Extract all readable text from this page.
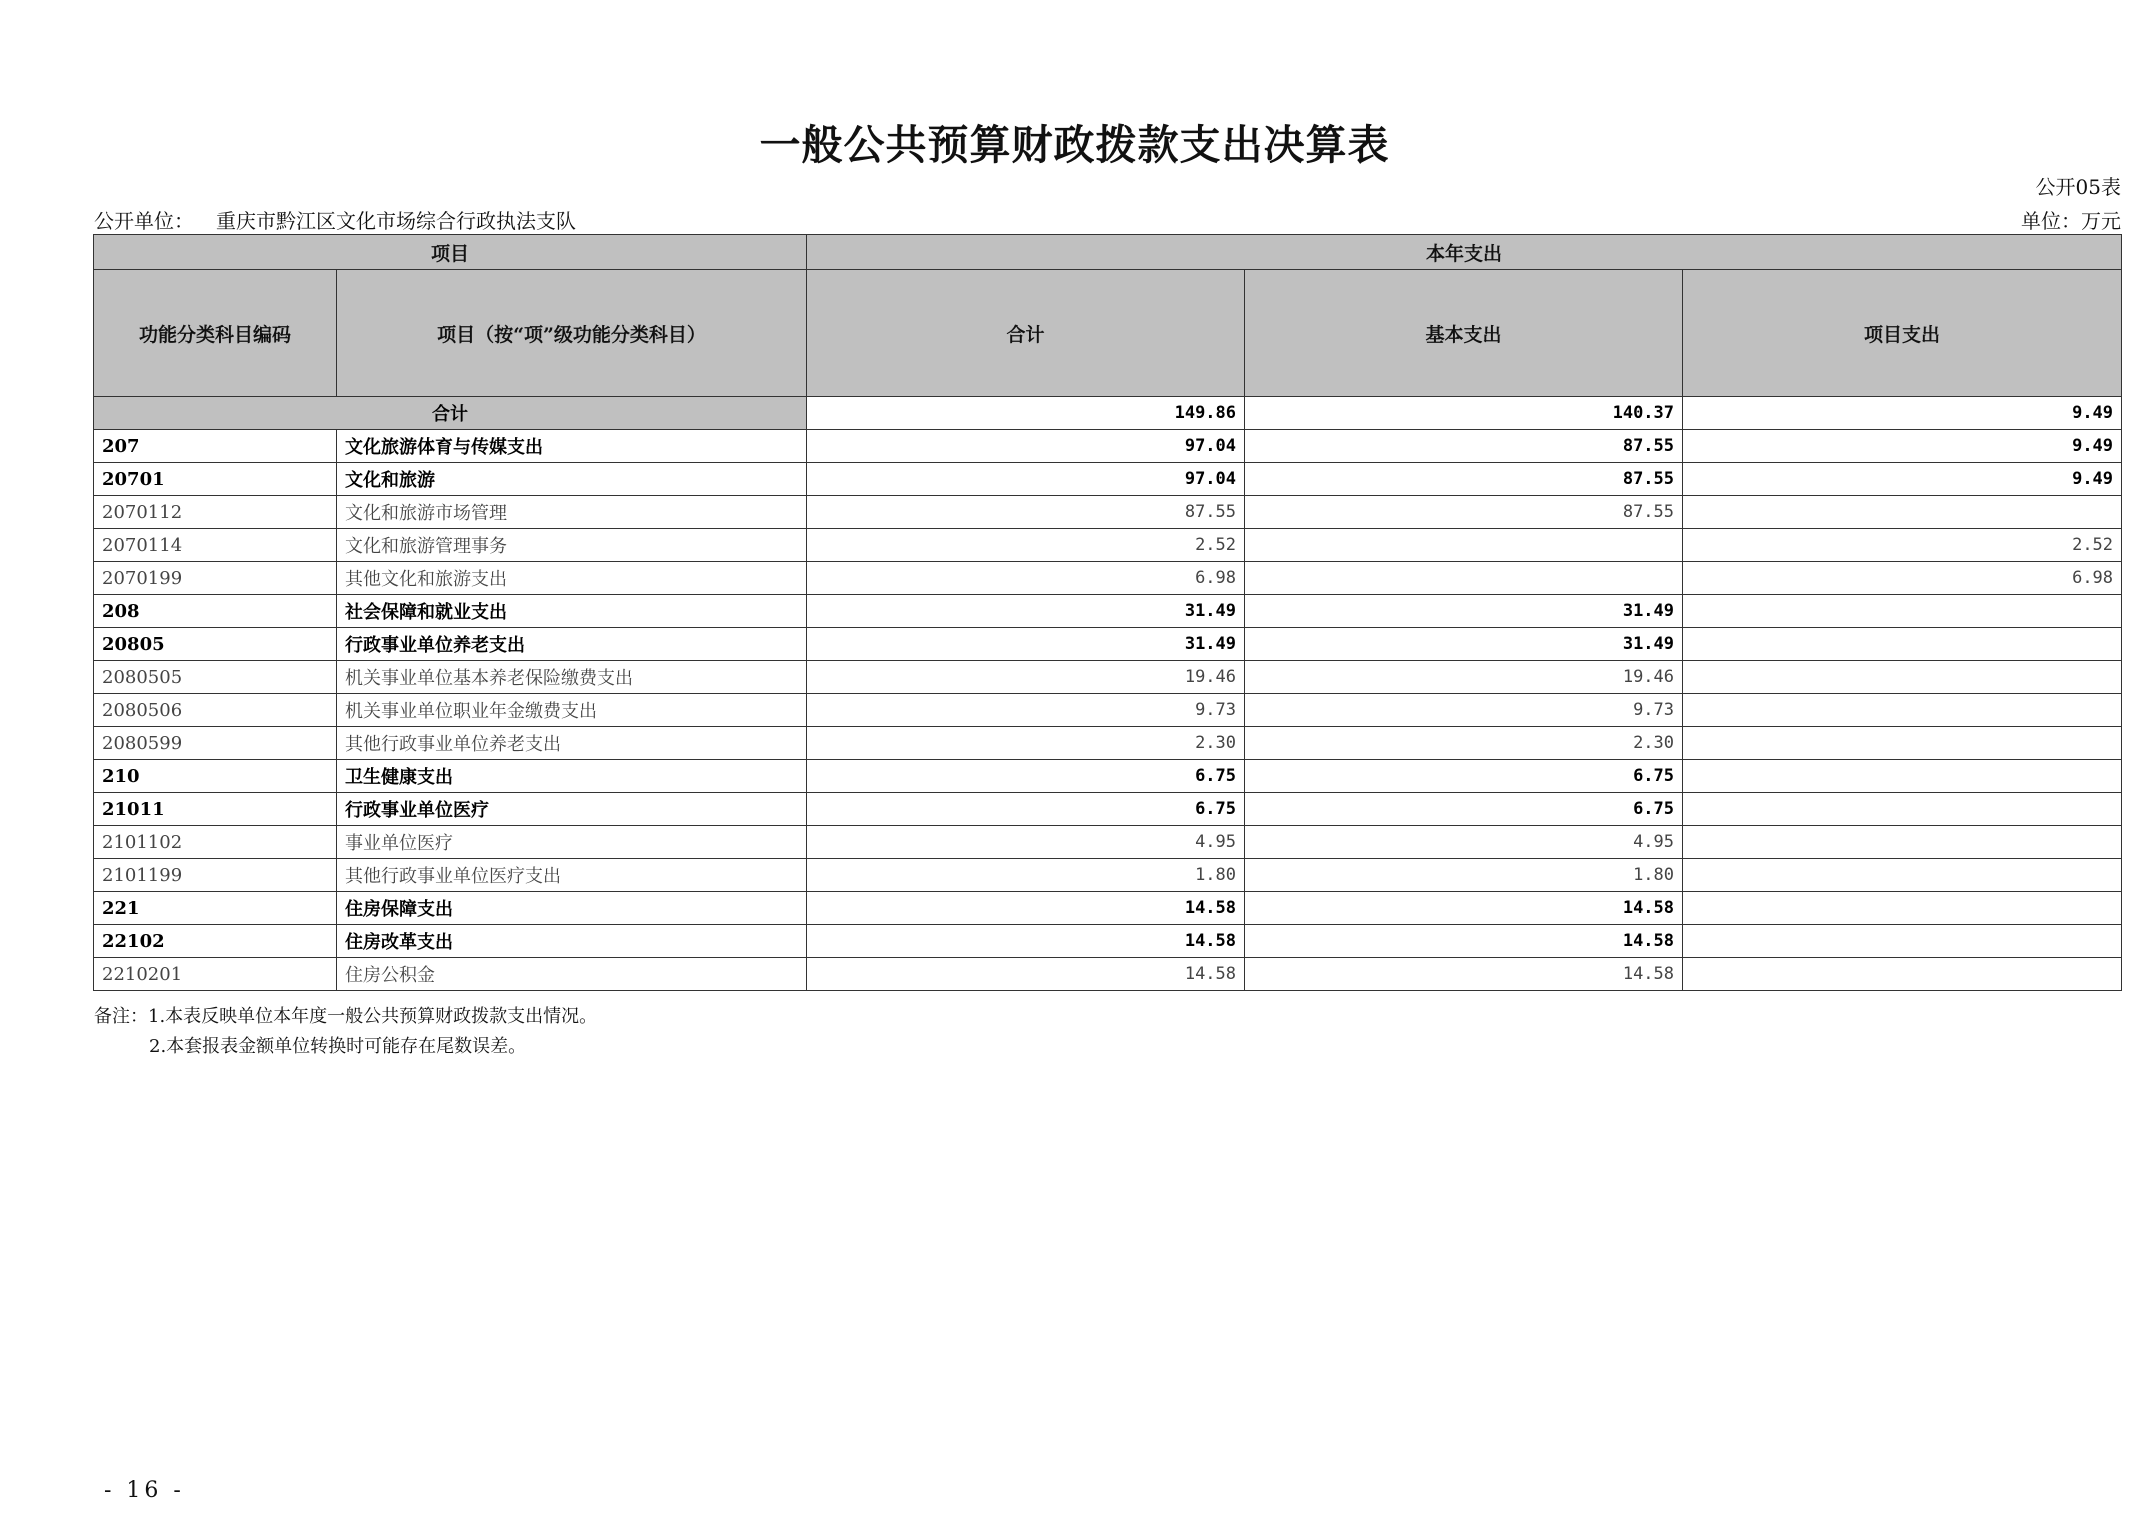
一般公共预算财政拨款支出决算表
公开05表
公开单位： 重庆市黔江区文化市场综合行政执法支队	单位：万元
项目		本年支出		
功能分类科目编码	项目（按“项”级功能分类科目）	合计	基本支出	项目支出
合计		149.86	140.37	9.49
207	文化旅游体育与传媒支出	97.04	87.55	9.49
20701	文化和旅游	97.04	87.55	9.49
2070112	文化和旅游市场管理	87.55	87.55	
2070114	文化和旅游管理事务	2.52		2.52
2070199	其他文化和旅游支出	6.98		6.98
208	社会保障和就业支出	31.49	31.49	
20805	行政事业单位养老支出	31.49	31.49	
2080505	机关事业单位基本养老保险缴费支出	19.46	19.46	
2080506	机关事业单位职业年金缴费支出	9.73	9.73	
2080599	其他行政事业单位养老支出	2.30	2.30	
210	卫生健康支出	6.75	6.75	
21011	行政事业单位医疗	6.75	6.75	
2101102	事业单位医疗	4.95	4.95	
2101199	其他行政事业单位医疗支出	1.80	1.80	
221	住房保障支出	14.58	14.58	
22102	住房改革支出	14.58	14.58	
2210201	住房公积金	14.58	14.58	
备注：1.本表反映单位本年度一般公共预算财政拨款支出情况。
2.本套报表金额单位转换时可能存在尾数误差。
- 16 -
